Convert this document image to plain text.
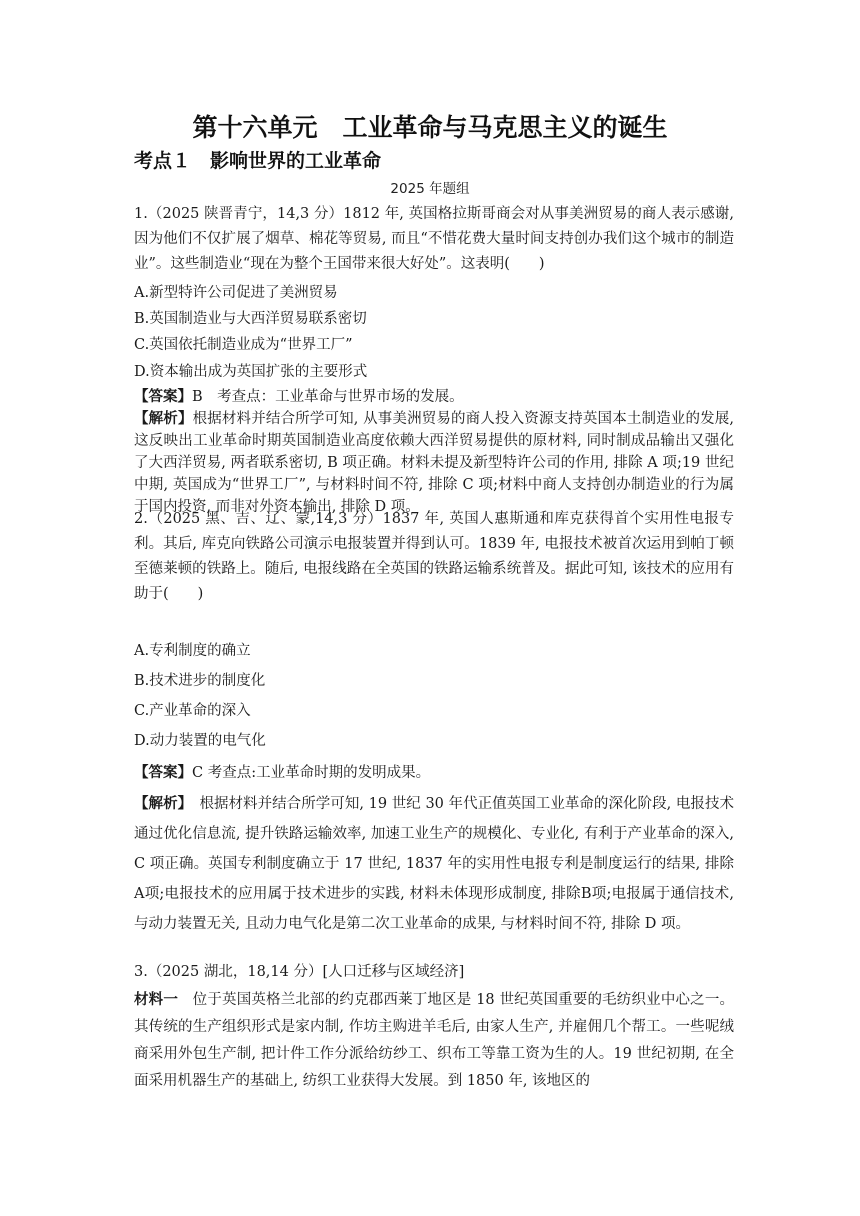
第十六单元　工业革命与马克思主义的诞生
考点１　影响世界的工业革命
2025 年题组

1.（2025 陕晋青宁，14,3 分）1812 年, 英国格拉斯哥商会对从事美洲贸易的商人表示感谢, 因为他们不仅扩展了烟草、棉花等贸易, 而且“不惜花费大量时间支持创办我们这个城市的制造业”。这些制造业“现在为整个王国带来很大好处”。这表明(　　)

A.新型特许公司促进了美洲贸易

B.英国制造业与大西洋贸易联系密切

C.英国依托制造业成为“世界工厂”

D.资本输出成为英国扩张的主要形式

【答案】B　考查点：工业革命与世界市场的发展。

【解析】根据材料并结合所学可知, 从事美洲贸易的商人投入资源支持英国本土制造业的发展, 这反映出工业革命时期英国制造业高度依赖大西洋贸易提供的原材料, 同时制成品输出又强化了大西洋贸易, 两者联系密切, B 项正确。材料未提及新型特许公司的作用, 排除 A 项;19 世纪中期, 英国成为“世界工厂”, 与材料时间不符, 排除 C 项;材料中商人支持创办制造业的行为属于国内投资, 而非对外资本输出, 排除 D 项。

2.（2025 黑、吉、辽、蒙,14,3 分）1837 年, 英国人惠斯通和库克获得首个实用性电报专利。其后, 库克向铁路公司演示电报装置并得到认可。1839 年, 电报技术被首次运用到帕丁顿至德莱顿的铁路上。随后, 电报线路在全英国的铁路运输系统普及。据此可知, 该技术的应用有助于(　　)

A.专利制度的确立

B.技术进步的制度化

C.产业革命的深入

D.动力装置的电气化

【答案】C 考查点:工业革命时期的发明成果。

【解析】　根据材料并结合所学可知, 19 世纪 30 年代正值英国工业革命的深化阶段, 电报技术通过优化信息流, 提升铁路运输效率, 加速工业生产的规模化、专业化, 有利于产业革命的深入, C 项正确。英国专利制度确立于 17 世纪, 1837 年的实用性电报专利是制度运行的结果, 排除A项;电报技术的应用属于技术进步的实践, 材料未体现形成制度, 排除B项;电报属于通信技术, 与动力装置无关, 且动力电气化是第二次工业革命的成果, 与材料时间不符, 排除 D 项。

3.（2025 湖北，18,14 分）[人口迁移与区域经济]

材料一　位于英国英格兰北部的约克郡西莱丁地区是 18 世纪英国重要的毛纺织业中心之一。其传统的生产组织形式是家内制, 作坊主购进羊毛后, 由家人生产, 并雇佣几个帮工。一些呢绒商采用外包生产制, 把计件工作分派给纺纱工、织布工等靠工资为生的人。19 世纪初期, 在全面采用机器生产的基础上, 纺织工业获得大发展。到 1850 年, 该地区的
